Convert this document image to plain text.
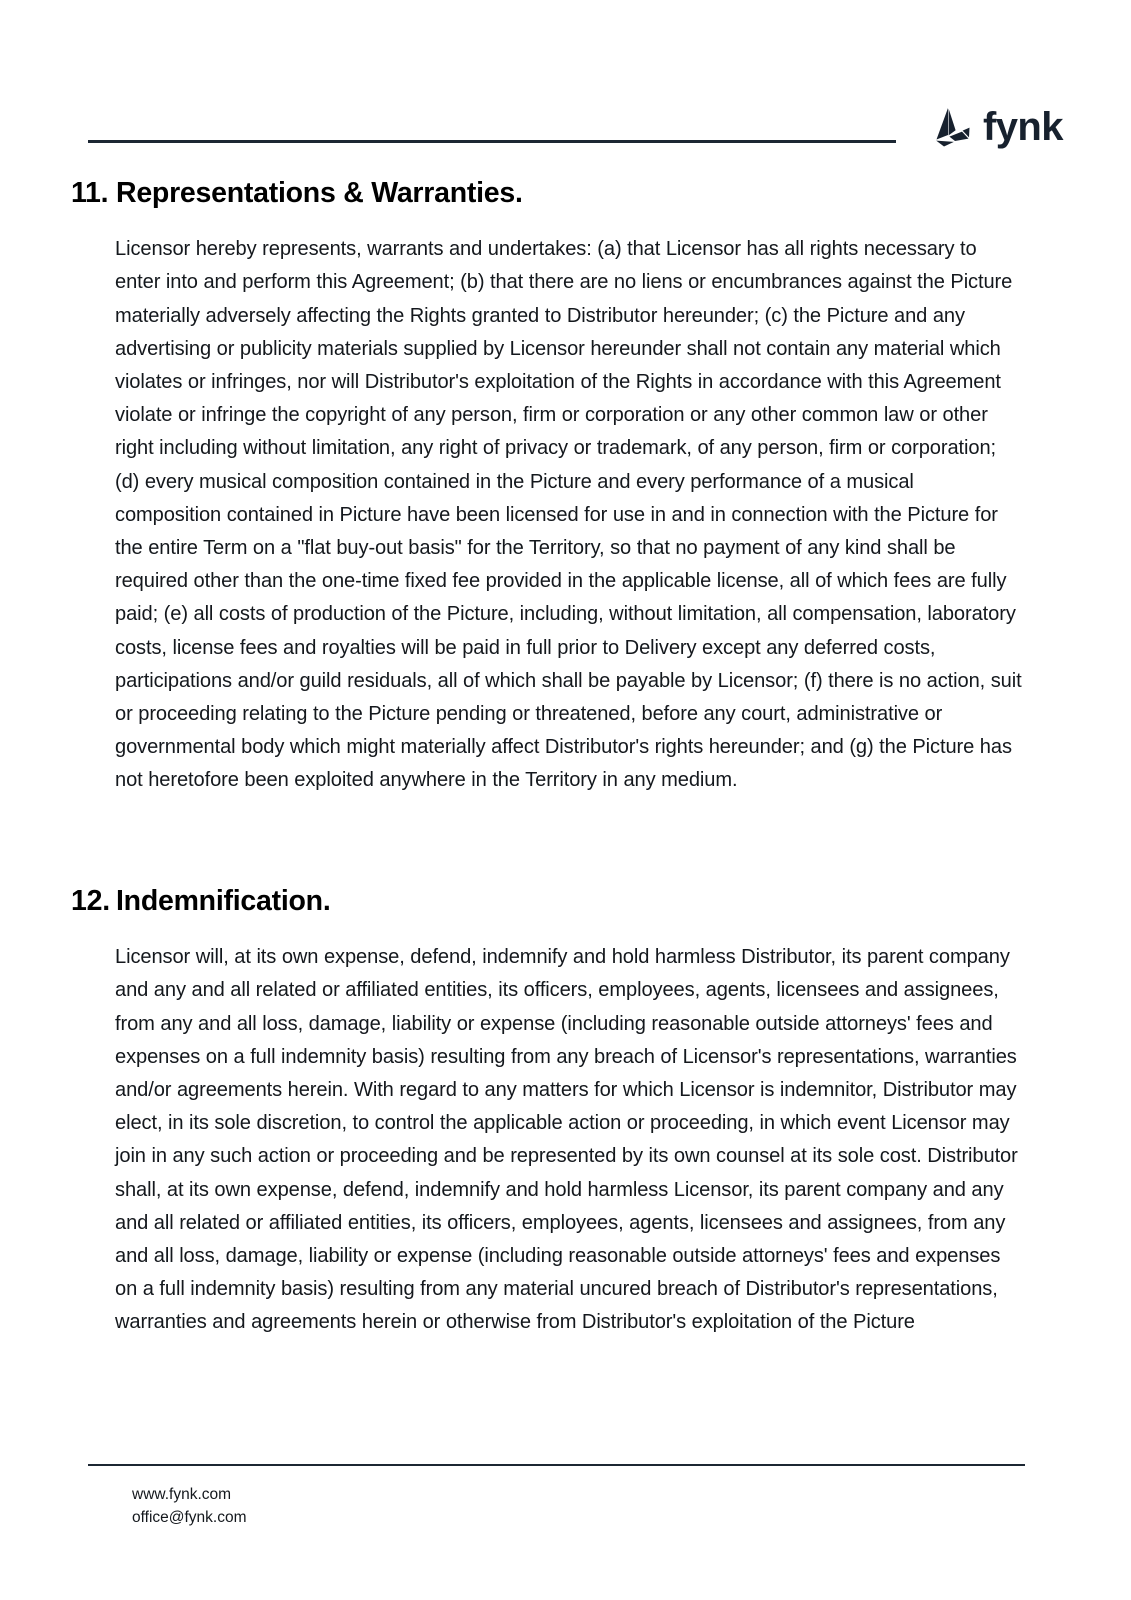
fynk
11. Representations & Warranties.

Licensor hereby represents, warrants and undertakes: (a) that Licensor has all rights necessary to enter into and perform this Agreement; (b) that there are no liens or encumbrances against the Picture materially adversely affecting the Rights granted to Distributor hereunder; (c) the Picture and any advertising or publicity materials supplied by Licensor hereunder shall not contain any material which violates or infringes, nor will Distributor's exploitation of the Rights in accordance with this Agreement violate or infringe the copyright of any person, firm or corporation or any other common law or other right including without limitation, any right of privacy or trademark, of any person, firm or corporation; (d) every musical composition contained in the Picture and every performance of a musical composition contained in Picture have been licensed for use in and in connection with the Picture for the entire Term on a "flat buy-out basis" for the Territory, so that no payment of any kind shall be required other than the one-time fixed fee provided in the applicable license, all of which fees are fully paid; (e) all costs of production of the Picture, including, without limitation, all compensation, laboratory costs, license fees and royalties will be paid in full prior to Delivery except any deferred costs, participations and/or guild residuals, all of which shall be payable by Licensor; (f) there is no action, suit or proceeding relating to the Picture pending or threatened, before any court, administrative or governmental body which might materially affect Distributor's rights hereunder; and (g) the Picture has not heretofore been exploited anywhere in the Territory in any medium.

12. Indemnification.

Licensor will, at its own expense, defend, indemnify and hold harmless Distributor, its parent company and any and all related or affiliated entities, its officers, employees, agents, licensees and assignees, from any and all loss, damage, liability or expense (including reasonable outside attorneys' fees and expenses on a full indemnity basis) resulting from any breach of Licensor's representations, warranties and/or agreements herein. With regard to any matters for which Licensor is indemnitor, Distributor may elect, in its sole discretion, to control the applicable action or proceeding, in which event Licensor may join in any such action or proceeding and be represented by its own counsel at its sole cost. Distributor shall, at its own expense, defend, indemnify and hold harmless Licensor, its parent company and any and all related or affiliated entities, its officers, employees, agents, licensees and assignees, from any and all loss, damage, liability or expense (including reasonable outside attorneys' fees and expenses on a full indemnity basis) resulting from any material uncured breach of Distributor's representations, warranties and agreements herein or otherwise from Distributor's exploitation of the Picture

www.fynk.com
office@fynk.com
